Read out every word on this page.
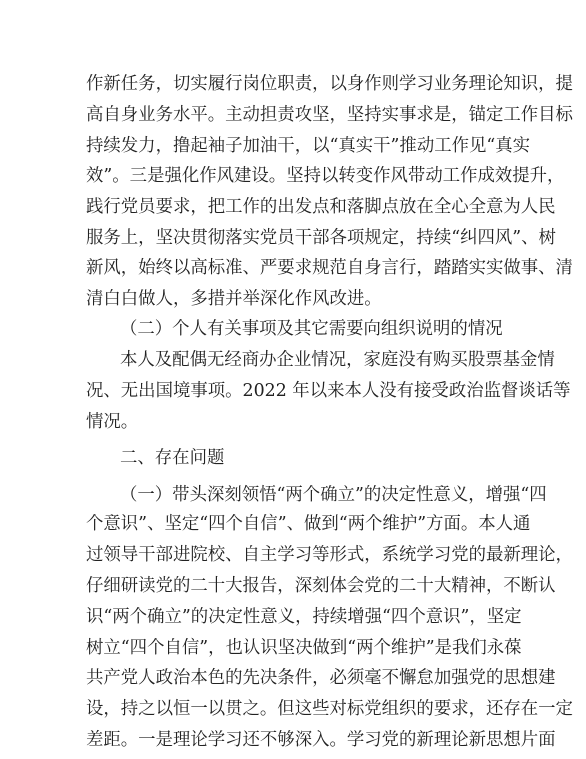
作新任务，切实履行岗位职责，以身作则学习业务理论知识，提
高自身业务水平。主动担责攻坚，坚持实事求是，锚定工作目标
持续发力，撸起袖子加油干，以“真实干”推动工作见“真实
效”。三是强化作风建设。坚持以转变作风带动工作成效提升，
践行党员要求，把工作的出发点和落脚点放在全心全意为人民
服务上，坚决贯彻落实党员干部各项规定，持续“纠四风”、树
新风，始终以高标准、严要求规范自身言行，踏踏实实做事、清
清白白做人，多措并举深化作风改进。
（二）个人有关事项及其它需要向组织说明的情况
本人及配偶无经商办企业情况，家庭没有购买股票基金情
况、无出国境事项。2022 年以来本人没有接受政治监督谈话等
情况。
二、存在问题
（一）带头深刻领悟“两个确立”的决定性意义，增强“四
个意识”、坚定“四个自信”、做到“两个维护”方面。本人通
过领导干部进院校、自主学习等形式，系统学习党的最新理论，
仔细研读党的二十大报告，深刻体会党的二十大精神，不断认
识“两个确立”的决定性意义，持续增强“四个意识”，坚定
树立“四个自信”，也认识坚决做到“两个维护”是我们永葆
共产党人政治本色的先决条件，必须毫不懈怠加强党的思想建
设，持之以恒一以贯之。但这些对标党组织的要求，还存在一定
差距。一是理论学习还不够深入。学习党的新理论新思想片面
